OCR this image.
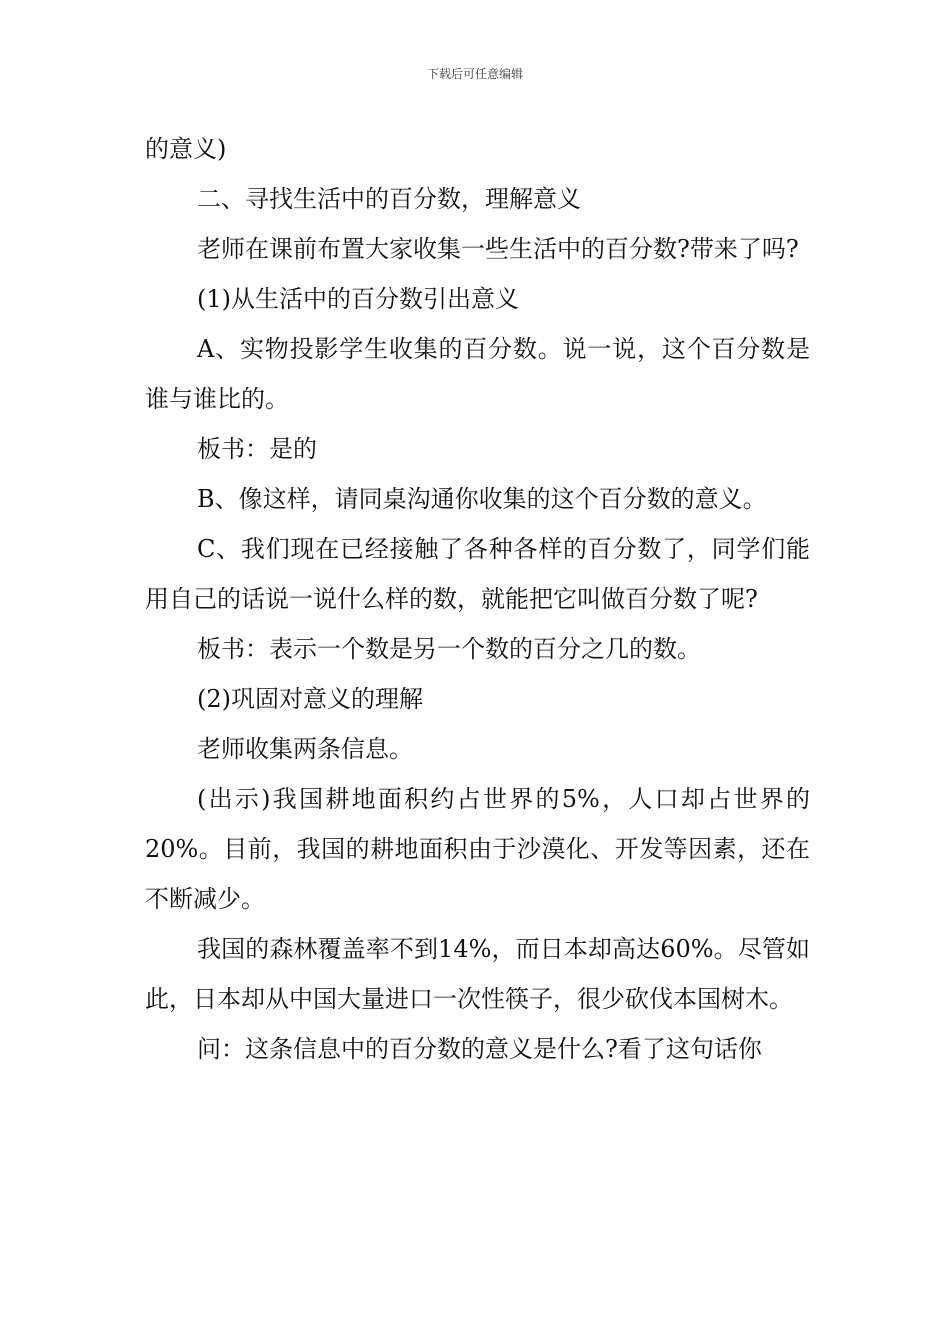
下载后可任意编辑

的意义)

二、寻找生活中的百分数，理解意义

老师在课前布置大家收集一些生活中的百分数?带来了吗?

(1)从生活中的百分数引出意义

A、实物投影学生收集的百分数。说一说，这个百分数是谁与谁比的。

板书：是的

B、像这样，请同桌沟通你收集的这个百分数的意义。

C、我们现在已经接触了各种各样的百分数了，同学们能用自己的话说一说什么样的数，就能把它叫做百分数了呢?

板书：表示一个数是另一个数的百分之几的数。

(2)巩固对意义的理解

老师收集两条信息。

(出示)我国耕地面积约占世界的5%，人口却占世界的20%。目前，我国的耕地面积由于沙漠化、开发等因素，还在不断减少。

我国的森林覆盖率不到14%，而日本却高达60%。尽管如此，日本却从中国大量进口一次性筷子，很少砍伐本国树木。

问：这条信息中的百分数的意义是什么?看了这句话你
